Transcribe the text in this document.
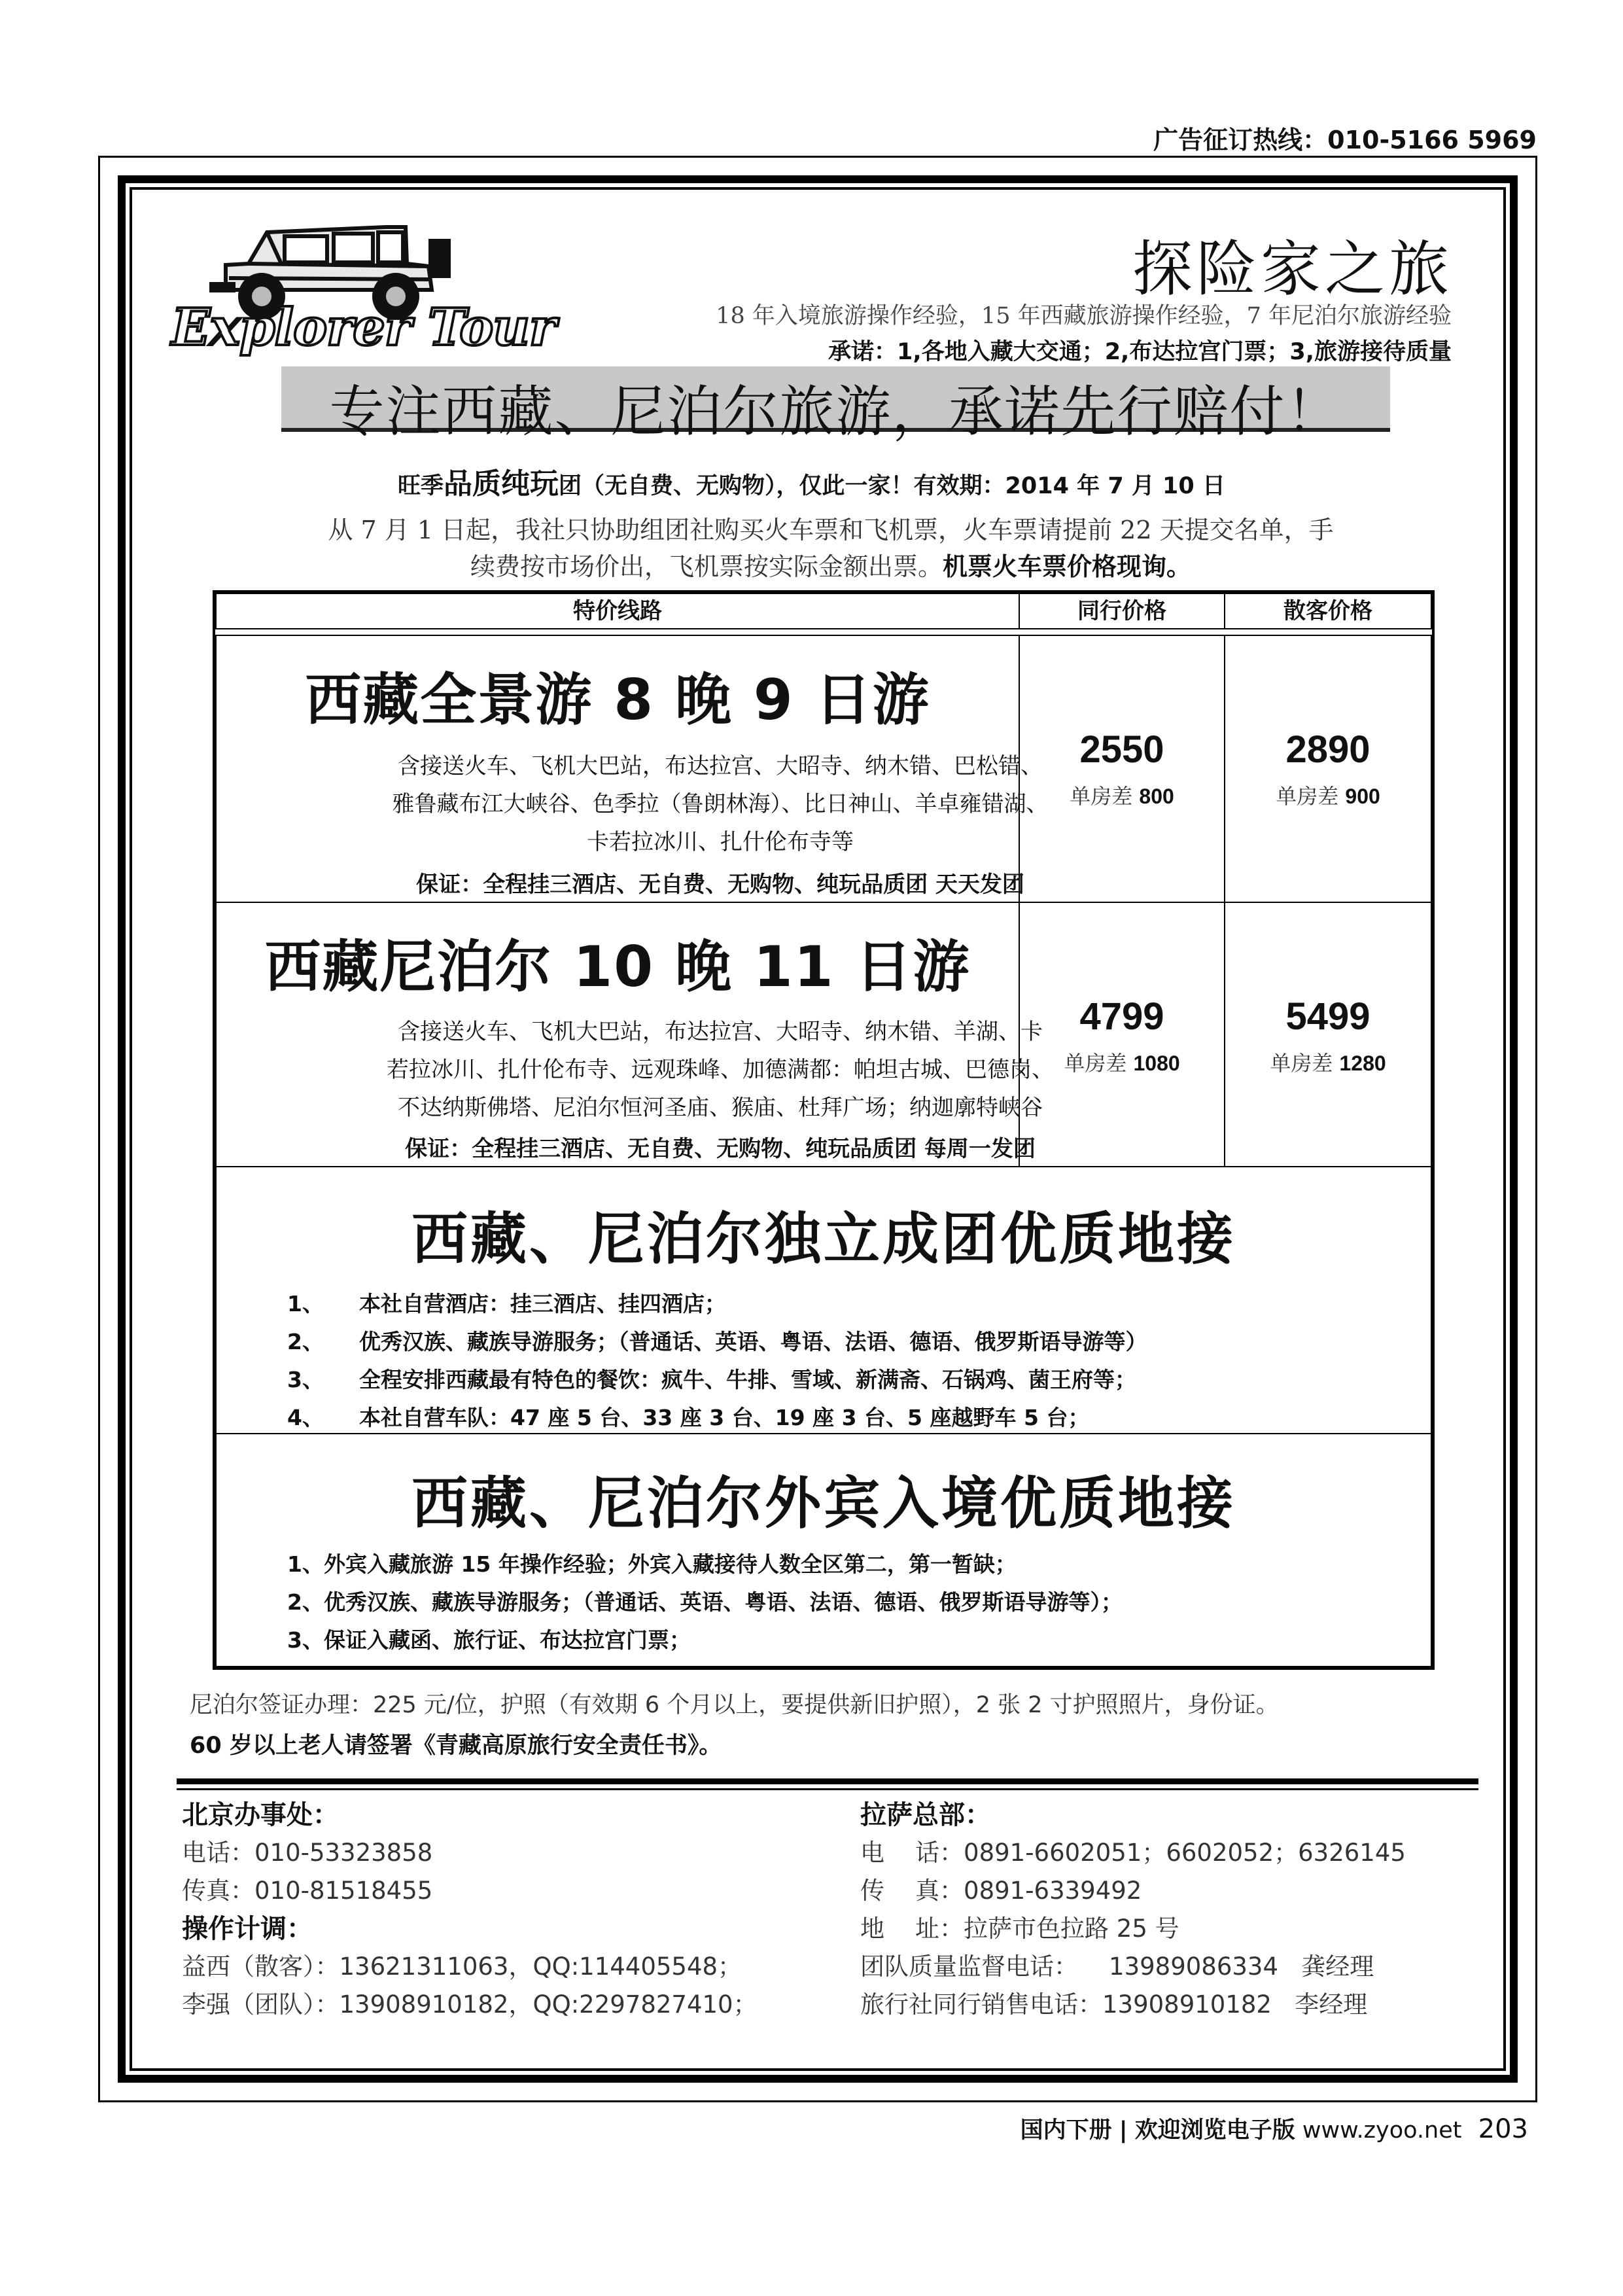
广告征订热线：010-5166 5969
Explorer Tour
探险家之旅
18 年入境旅游操作经验，15 年西藏旅游操作经验，7 年尼泊尔旅游经验
承诺：1,各地入藏大交通；2,布达拉宫门票；3,旅游接待质量
专注西藏、尼泊尔旅游，承诺先行赔付！
旺季品质纯玩团（无自费、无购物），仅此一家！有效期：2014 年 7 月 10 日
从 7 月 1 日起，我社只协助组团社购买火车票和飞机票，火车票请提前 22 天提交名单，手
续费按市场价出，飞机票按实际金额出票。机票火车票价格现询。
特价线路	同行价格	散客价格
西藏全景游 8 晚 9 日游
含接送火车、飞机大巴站，布达拉宫、大昭寺、纳木错、巴松错、
雅鲁藏布江大峡谷、色季拉（鲁朗林海）、比日神山、羊卓雍错湖、
卡若拉冰川、扎什伦布寺等
保证：全程挂三酒店、无自费、无购物、纯玩品质团 天天发团
2550
单房差 800
2890
单房差 900
西藏尼泊尔 10 晚 11 日游
含接送火车、飞机大巴站，布达拉宫、大昭寺、纳木错、羊湖、卡
若拉冰川、扎什伦布寺、远观珠峰、加德满都：帕坦古城、巴德岗、
不达纳斯佛塔、尼泊尔恒河圣庙、猴庙、杜拜广场；纳迦廓特峡谷
保证：全程挂三酒店、无自费、无购物、纯玩品质团 每周一发团
4799
单房差 1080
5499
单房差 1280
西藏、尼泊尔独立成团优质地接
1、 本社自营酒店：挂三酒店、挂四酒店；
2、 优秀汉族、藏族导游服务；（普通话、英语、粤语、法语、德语、俄罗斯语导游等）
3、 全程安排西藏最有特色的餐饮：疯牛、牛排、雪域、新满斋、石锅鸡、菌王府等；
4、 本社自营车队：47 座 5 台、33 座 3 台、19 座 3 台、5 座越野车 5 台；
西藏、尼泊尔外宾入境优质地接
1、外宾入藏旅游 15 年操作经验；外宾入藏接待人数全区第二，第一暂缺；
2、优秀汉族、藏族导游服务；（普通话、英语、粤语、法语、德语、俄罗斯语导游等）；
3、保证入藏函、旅行证、布达拉宫门票；
尼泊尔签证办理：225 元/位，护照（有效期 6 个月以上，要提供新旧护照），2 张 2 寸护照照片，身份证。
60 岁以上老人请签署《青藏高原旅行安全责任书》。
北京办事处：
电话：010-53323858
传真：010-81518455
操作计调：
益西（散客）：13621311063，QQ:114405548；
李强（团队）：13908910182，QQ:2297827410；
拉萨总部：
电    话：0891-6602051；6602052；6326145
传    真：0891-6339492
地    址：拉萨市色拉路 25 号
团队质量监督电话：    13989086334   龚经理
旅行社同行销售电话：13908910182   李经理
国内下册 | 欢迎浏览电子版 www.zyoo.net 203
